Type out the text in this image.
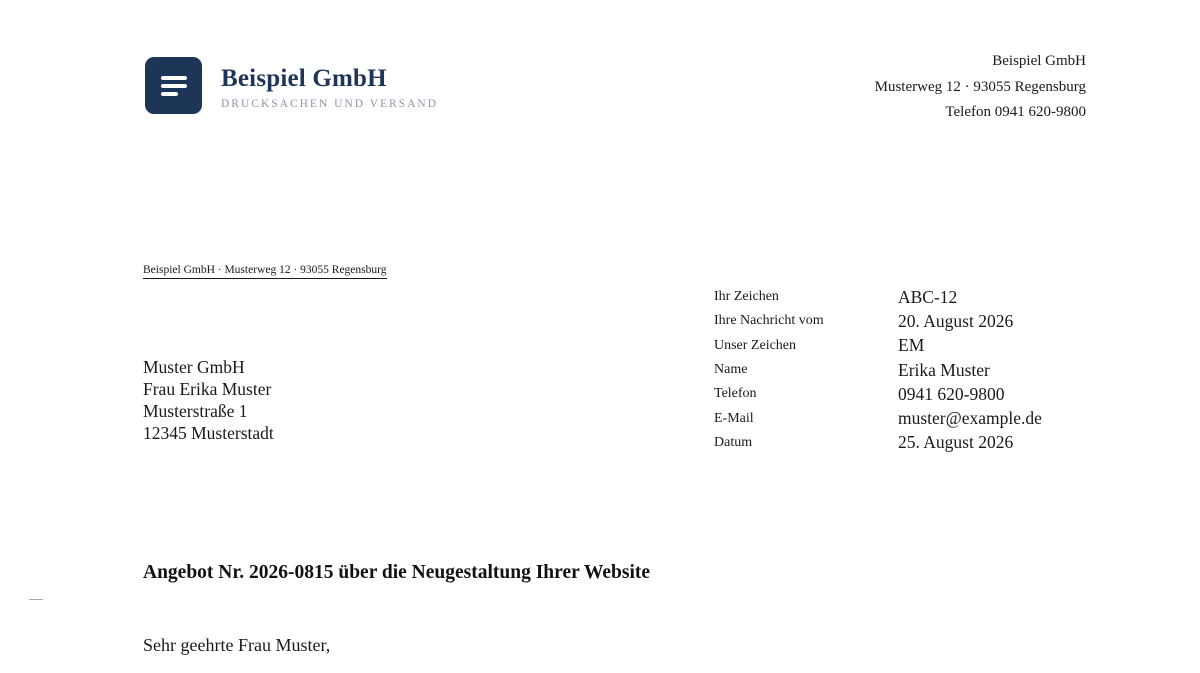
Beispiel GmbH
DRUCKSACHEN UND VERSAND
Beispiel GmbH
Musterweg 12 · 93055 Regensburg
Telefon 0941 620-9800
Beispiel GmbH · Musterweg 12 · 93055 Regensburg
Muster GmbH
Frau Erika Muster
Musterstraße 1
12345 Musterstadt
Ihr Zeichen	ABC-12
Ihre Nachricht vom	20. August 2026
Unser Zeichen	EM
Name	Erika Muster
Telefon	0941 620-9800
E-Mail	muster@example.de
Datum	25. August 2026
Angebot Nr. 2026-0815 über die Neugestaltung Ihrer Website
Sehr geehrte Frau Muster,
